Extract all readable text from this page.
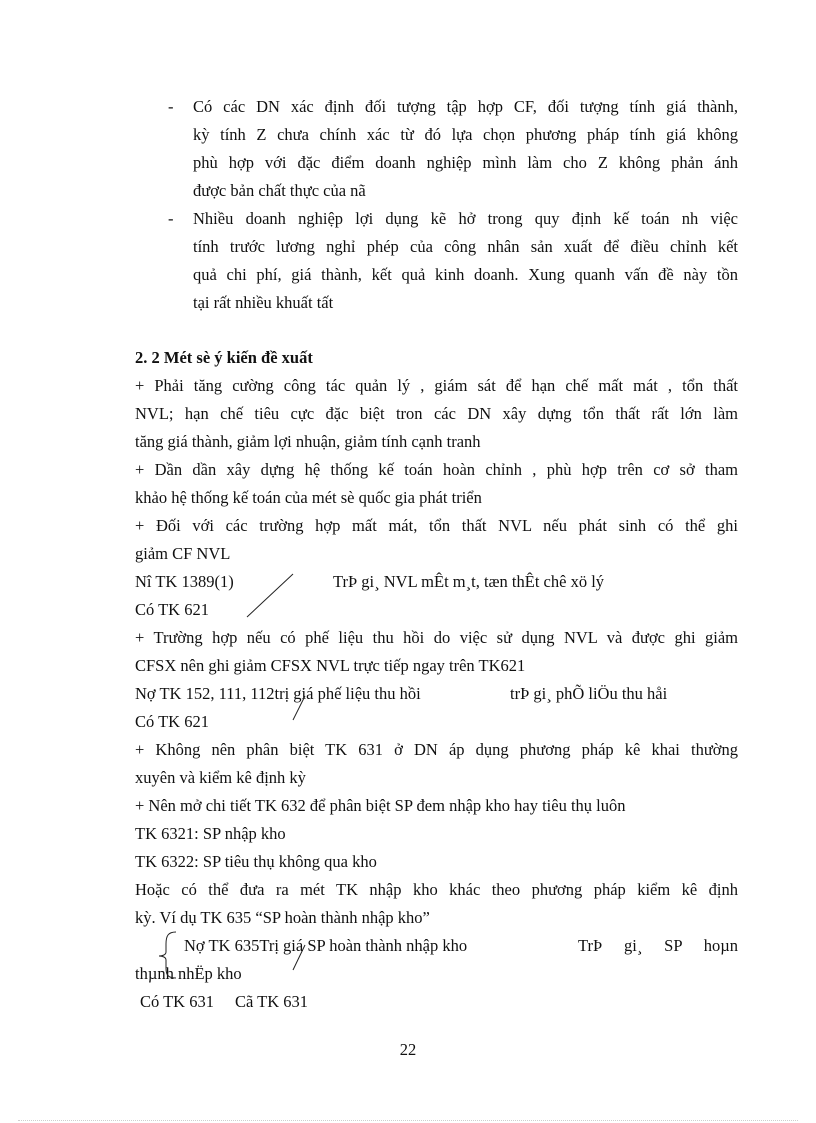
- Có các DN xác định đối tượng tập hợp CF, đối tượng tính giá thành,
kỳ tính Z chưa chính xác từ đó lựa chọn phương pháp tính giá không
phù hợp với đặc điểm doanh nghiệp mình làm cho Z không phản ánh
được bản chất thực của nã
- Nhiều doanh nghiệp lợi dụng kẽ hở trong quy định kế toán nh việc
tính trước lương nghỉ phép của công nhân sản xuất để điều chỉnh kết
quả chi phí, giá thành, kết quả kinh doanh. Xung quanh vấn đề này tồn
tại rất nhiều khuất tất
2. 2 Mét sè ý kiến đề xuất
+ Phải tăng cường công tác quản lý , giám sát để hạn chế mất mát , tổn thất
NVL; hạn chế tiêu cực đặc biệt tron các DN xây dựng tổn thất rất lớn làm
tăng giá thành, giảm lợi nhuận, giảm tính cạnh tranh
+ Dần dần xây dựng hệ thống kế toán hoàn chỉnh , phù hợp trên cơ sở tham
khảo hệ thống kế toán của mét sè quốc gia phát triển
+ Đối với các trường hợp mất mát, tổn thất NVL nếu phát sinh có thể ghi
giảm CF NVL
Nî TK 1389(1)	TrÞ gi¸ NVL mÊt m¸t, tæn thÊt chê xö lý
Có TK 621
+ Trường hợp nếu có phế liệu thu hồi do việc sử dụng NVL và được ghi giảm
CFSX nên ghi giảm CFSX NVL trực tiếp ngay trên TK621
Nợ TK 152, 111, 112trị giá phế liệu thu hồi	trÞ gi¸ phÕ liÖu thu håi
Có TK 621
+ Không nên phân biệt TK 631 ở DN áp dụng phương pháp kê khai thường
xuyên và kiểm kê định kỳ
+ Nên mở chi tiết TK 632 để phân biệt SP đem nhập kho hay tiêu thụ luôn
TK 6321: SP nhập kho
TK 6322: SP tiêu thụ không qua kho
Hoặc có thể đưa ra mét TK nhập kho khác theo phương pháp kiểm kê định
kỳ. Ví dụ TK 635 “SP hoàn thành nhập kho”
Nợ TK 635Trị giá SP hoàn thành nhập kho	TrÞ gi¸ SP hoµn
thµnh nhËp kho
Có TK 631 Cã TK 631
22
